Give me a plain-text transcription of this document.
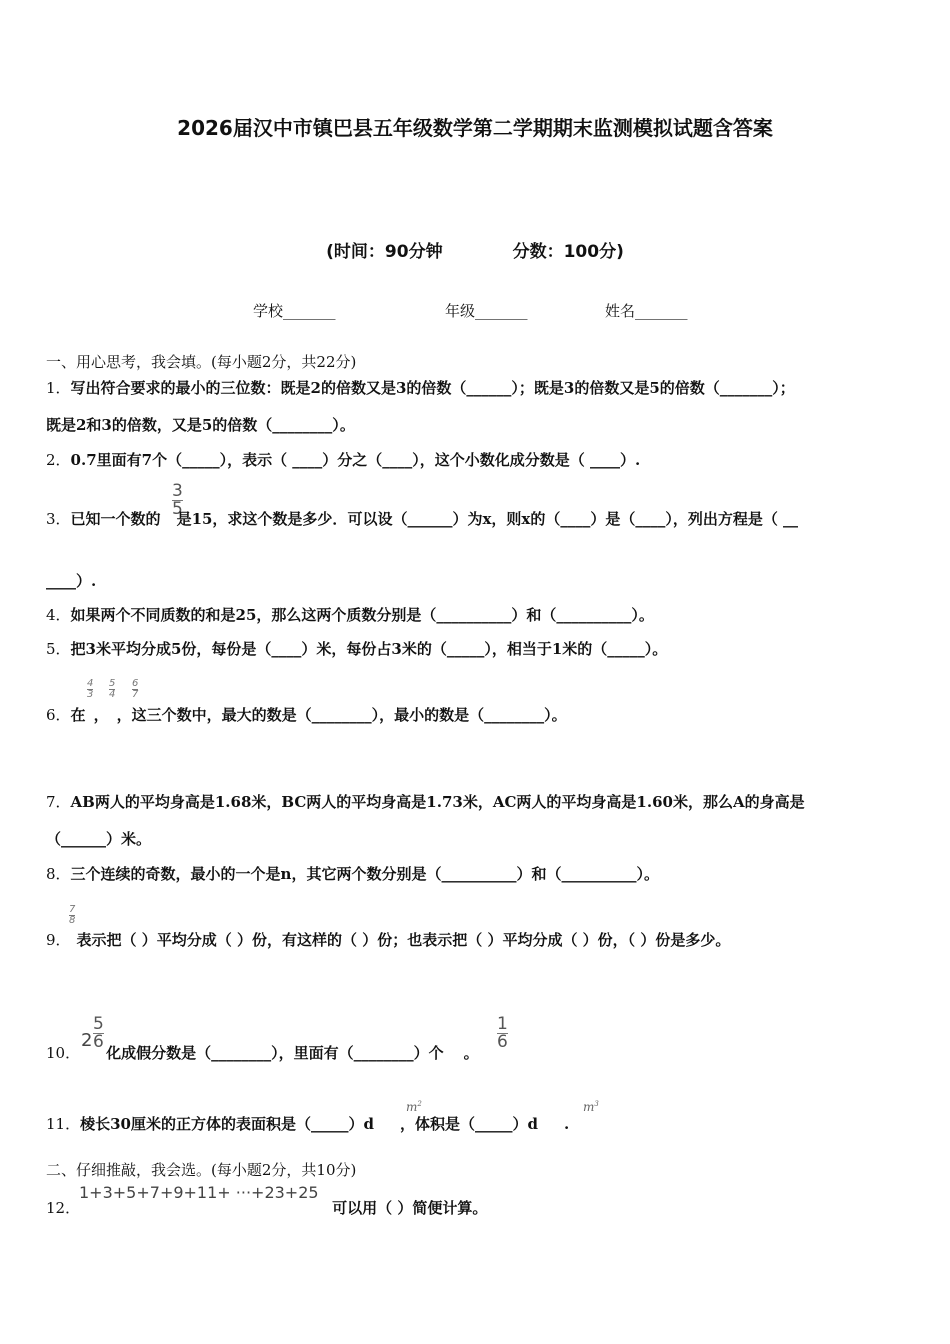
2026届汉中市镇巴县五年级数学第二学期期末监测模拟试题含答案
(时间：90分钟	分数：100分)
学校_______	年级_______	姓名_______
一、用心思考，我会填。(每小题2分，共22分)
1．写出符合要求的最小的三位数：既是2的倍数又是3的倍数（______）；既是3的倍数又是5的倍数（_______）；
既是2和3的倍数，又是5的倍数（________）。
2．0.7里面有7个（_____），表示（ ____）分之（____），这个小数化成分数是（ ____）.
3
5
3．已知一个数的 是15，求这个数是多少．可以设（______）为x，则x的（____）是（____），列出方程是（ __
____）.
4．如果两个不同质数的和是25，那么这两个质数分别是（__________）和（__________）。
5．把3米平均分成5份，每份是（____）米，每份占3米的（_____），相当于1米的（_____）。
4
3
5
4
6
7
6．在 ， ，这三个数中，最大的数是（________），最小的数是（________）。
7．AB两人的平均身高是1.68米，BC两人的平均身高是1.73米，AC两人的平均身高是1.60米，那么A的身高是
（______）米。
8．三个连续的奇数，最小的一个是n，其它两个数分别是（__________）和（__________）。
7
8
9． 表示把（ ）平均分成（ ）份，有这样的（ ）份；也表示把（ ）平均分成（ ）份，（ ）份是多少。
2
5
6
1
6
10． 化成假分数是（________），里面有（________）个 。
11．棱长30厘米的正方体的表面积是（_____）d ，体积是（_____）d .
$m^2$	$m^3$
二、仔细推敲，我会选。(每小题2分，共10分)
1+3+5+7+9+11+ ···+23+25
12．	可以用（ ）简便计算。
